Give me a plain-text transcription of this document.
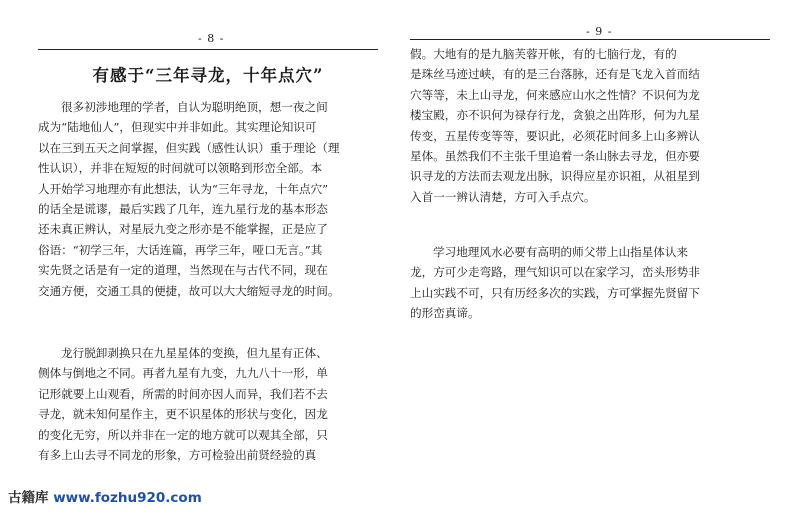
- 8 -
有感于“三年寻龙，十年点穴”
很多初涉地理的学者，自认为聪明绝顶，想一夜之间
成为“陆地仙人”，但现实中并非如此。其实理论知识可
以在三到五天之间掌握，但实践（感性认识）重于理论（理
性认识），并非在短短的时间就可以领略到形峦全部。本
人开始学习地理亦有此想法，认为“三年寻龙，十年点穴”
的话全是谎谬，最后实践了几年，连九星行龙的基本形态
还未真正辨认，对星辰九变之形亦是不能掌握，正是应了
俗语：“初学三年，大话连篇，再学三年，哑口无言。”其
实先贤之话是有一定的道理，当然现在与古代不同，现在
交通方便，交通工具的便捷，故可以大大缩短寻龙的时间。
龙行脱卸剥换只在九星星体的变换，但九星有正体、
侧体与倒地之不同。再者九星有九变，九九八十一形，单
记形就要上山观看，所需的时间亦因人而异，我们若不去
寻龙，就未知何星作主，更不识星体的形状与变化，因龙
的变化无穷，所以并非在一定的地方就可以观其全部，只
有多上山去寻不同龙的形象，方可检验出前贤经验的真
- 9 -
假。大地有的是九脑芙蓉开帐，有的七脑行龙，有的
是珠丝马迹过峡，有的是三台落脉，还有是飞龙入首而结
穴等等，未上山寻龙，何来感应山水之性情？不识何为龙
楼宝殿，亦不识何为禄存行龙，贪狼之出阵形，何为九星
传变，五星传变等等，要识此，必须花时间多上山多辨认
星体。虽然我们不主张千里追着一条山脉去寻龙，但亦要
识寻龙的方法而去观龙出脉，识得应星亦识祖，从祖星到
入首一一辨认清楚，方可入手点穴。
学习地理风水必要有高明的师父带上山指星体认来
龙，方可少走弯路，理气知识可以在家学习，峦头形势非
上山实践不可，只有历经多次的实践，方可掌握先贤留下
的形峦真谛。
古籍库 www.fozhu920.com
